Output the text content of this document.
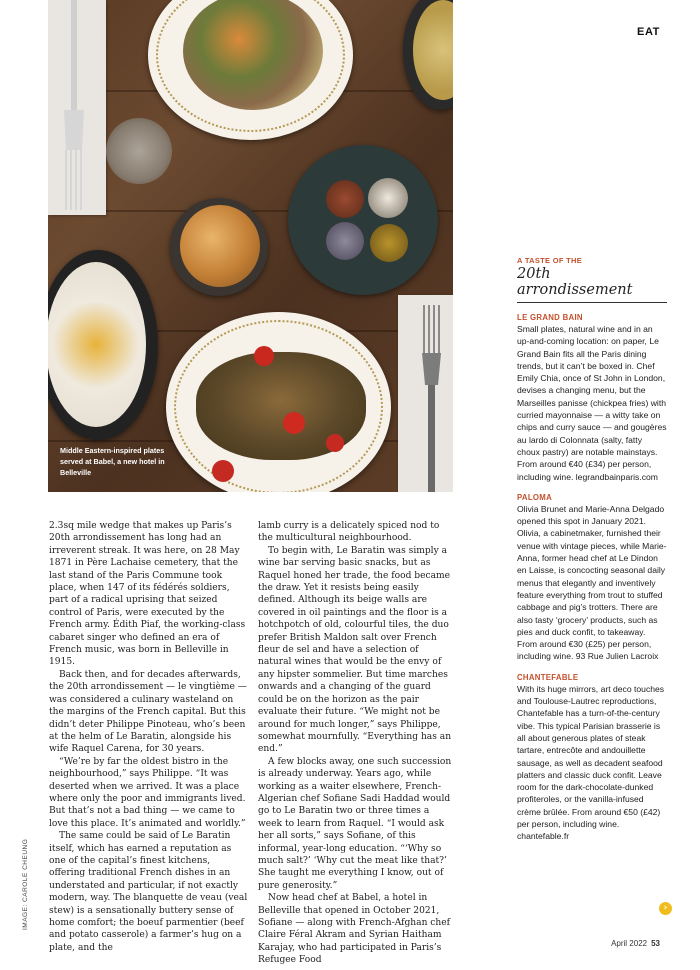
EAT
Middle Eastern-inspired plates served at Babel, a new hotel in Belleville
IMAGE: CAROLE CHEUNG

2.3sq mile wedge that makes up Paris’s 20th arrondissement has long had an irreverent streak. It was here, on 28 May 1871 in Père Lachaise cemetery, that the last stand of the Paris Commune took place, when 147 of its fédérés soldiers, part of a radical uprising that seized control of Paris, were executed by the French army. Édith Piaf, the working-class cabaret singer who defined an era of French music, was born in Belleville in 1915.

Back then, and for decades afterwards, the 20th arrondissement — le vingtième — was considered a culinary wasteland on the margins of the French capital. But this didn’t deter Philippe Pinoteau, who’s been at the helm of Le Baratin, alongside his wife Raquel Carena, for 30 years.

“We’re by far the oldest bistro in the neighbourhood,” says Philippe. “It was deserted when we arrived. It was a place where only the poor and immigrants lived. But that’s not a bad thing — we came to love this place. It’s animated and worldly.”

The same could be said of Le Baratin itself, which has earned a reputation as one of the capital’s finest kitchens, offering traditional French dishes in an understated and particular, if not exactly modern, way. The blanquette de veau (veal stew) is a sensationally buttery sense of home comfort; the boeuf parmentier (beef and potato casserole) a farmer’s hug on a plate, and the

lamb curry is a delicately spiced nod to the multicultural neighbourhood.

To begin with, Le Baratin was simply a wine bar serving basic snacks, but as Raquel honed her trade, the food became the draw. Yet it resists being easily defined. Although its beige walls are covered in oil paintings and the floor is a hotchpotch of old, colourful tiles, the duo prefer British Maldon salt over French fleur de sel and have a selection of natural wines that would be the envy of any hipster sommelier. But time marches onwards and a changing of the guard could be on the horizon as the pair evaluate their future. “We might not be around for much longer,” says Philippe, somewhat mournfully. “Everything has an end.”

A few blocks away, one such succession is already underway. Years ago, while working as a waiter elsewhere, French-Algerian chef Sofiane Sadi Haddad would go to Le Baratin two or three times a week to learn from Raquel. “I would ask her all sorts,” says Sofiane, of this informal, year-long education. “‘Why so much salt?’ ‘Why cut the meat like that?’ She taught me everything I know, out of pure generosity.”

Now head chef at Babel, a hotel in Belleville that opened in October 2021, Sofiane — along with French-Afghan chef Claire Féral Akram and Syrian Haitham Karajay, who had participated in Paris’s Refugee Food

A TASTE OF THE
20th arrondissement
LE GRAND BAIN
Small plates, natural wine and in an up-and-coming location: on paper, Le Grand Bain fits all the Paris dining trends, but it can’t be boxed in. Chef Emily Chia, once of St John in London, devises a changing menu, but the Marseilles panisse (chickpea fries) with curried mayonnaise — a witty take on chips and curry sauce — and gougères au lardo di Colonnata (salty, fatty choux pastry) are notable mainstays. From around €40 (£34) per person, including wine. legrandbainparis.com
PALOMA
Olivia Brunet and Marie-Anna Delgado opened this spot in January 2021. Olivia, a cabinetmaker, furnished their venue with vintage pieces, while Marie-Anna, former head chef at Le Dindon en Laisse, is concocting seasonal daily menus that elegantly and inventively feature everything from trout to stuffed cabbage and pig’s trotters. There are also tasty ‘grocery’ products, such as pies and duck confit, to takeaway. From around €30 (£25) per person, including wine. 93 Rue Julien Lacroix
CHANTEFABLE
With its huge mirrors, art deco touches and Toulouse-Lautrec reproductions, Chantefable has a turn-of-the-century vibe. This typical Parisian brasserie is all about generous plates of steak tartare, entrecôte and andouillette sausage, as well as decadent seafood platters and classic duck confit. Leave room for the dark-chocolate-dunked profiteroles, or the vanilla-infused crème brûlée. From around €50 (£42) per person, including wine. chantefable.fr
›
April 2022 53
